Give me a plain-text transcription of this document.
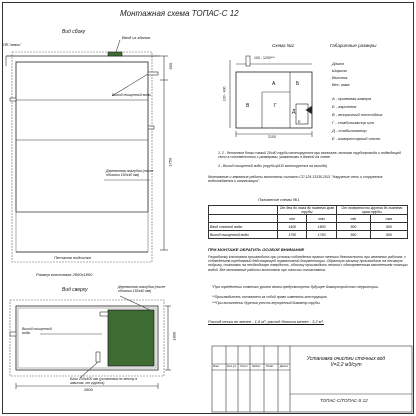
Монтажная схема ТОПАС-С 12
Вид сбоку
Ввод из здания
ПВ-"земли"
Выход очищенной воды
Деревянная опалубка (после обсыпки 150х40 мм)
Песчаная подсыпка
Размер котлована 2800х1800
550
1750
Схема №1
100 - 1200***
100 - 400
2100
А	Б
В	Г
Д
Е
Габаритные размеры
Длина
Ширина
Высота
Вес, макс
А - приемная камера
Б - аэротенк
В - вторичный отстойник
Г - стабилизатор ила
Д - стабилизатор
Е - компрессорный отсек
1, 2 - бетонные блоки самый 20х40 трубы монтируются при монтаже, монтаж трубопровода и подводящей сети в соответствии с размерами, указанными в данной на схеме.
3 - Выход очищенной воды (труба ф110 монтируется на выходе).
Монтажные и земляные работы выполнять согласно СП 129.13330.2011 "Наружные сети и сооружения водоснабжения и канализации".
Положение схемы №1
	От дна до ложа до нижнего края трубы		От поверхности грунта до нижнего края трубы	
	min	max	min	max
Ввод сточной воды	1400	1800	500	900
Выход очищенной воды	1750	1750	550	900
ПРИ МОНТАЖЕ ОБРАТИТЬ ОСОБОЕ ВНИМАНИЕ
Разработку котлована производить при условии соблюдения правил техники безопасности при земляных работах, с соблюдением требований действующей нормативной документации. Обратную засыпку производить на песчаную подушку, становясь на необходимую твердость, обсыпку производить песком с одновременным заполнением станции водой. Все монтажные работы выполнять при наличии согласования.
*При определении отметки уровня земли предусмотреть будущее благоустройство территории.
**Производитель оставляет за собой право изменять конструкцию.
***При выполнении бурения учесть внутренний диаметр трубы.
Расход песка не менее - 1,6 м³; расход бетона менее - 3,2 м³.
Вид сверху	Деревянная опалубка (после обсыпки 150х40 мм)
Выход очищенной воды
Блок 100х400 мм (установка по месту в зависим. от грунта)
2800
1800
Изм.	Кол.уч. Лист №док. Подп. Дата
Установка очистки сточных вод V=2,2 м3/сут
ТОПАС-С/ТОПАС-S 12
